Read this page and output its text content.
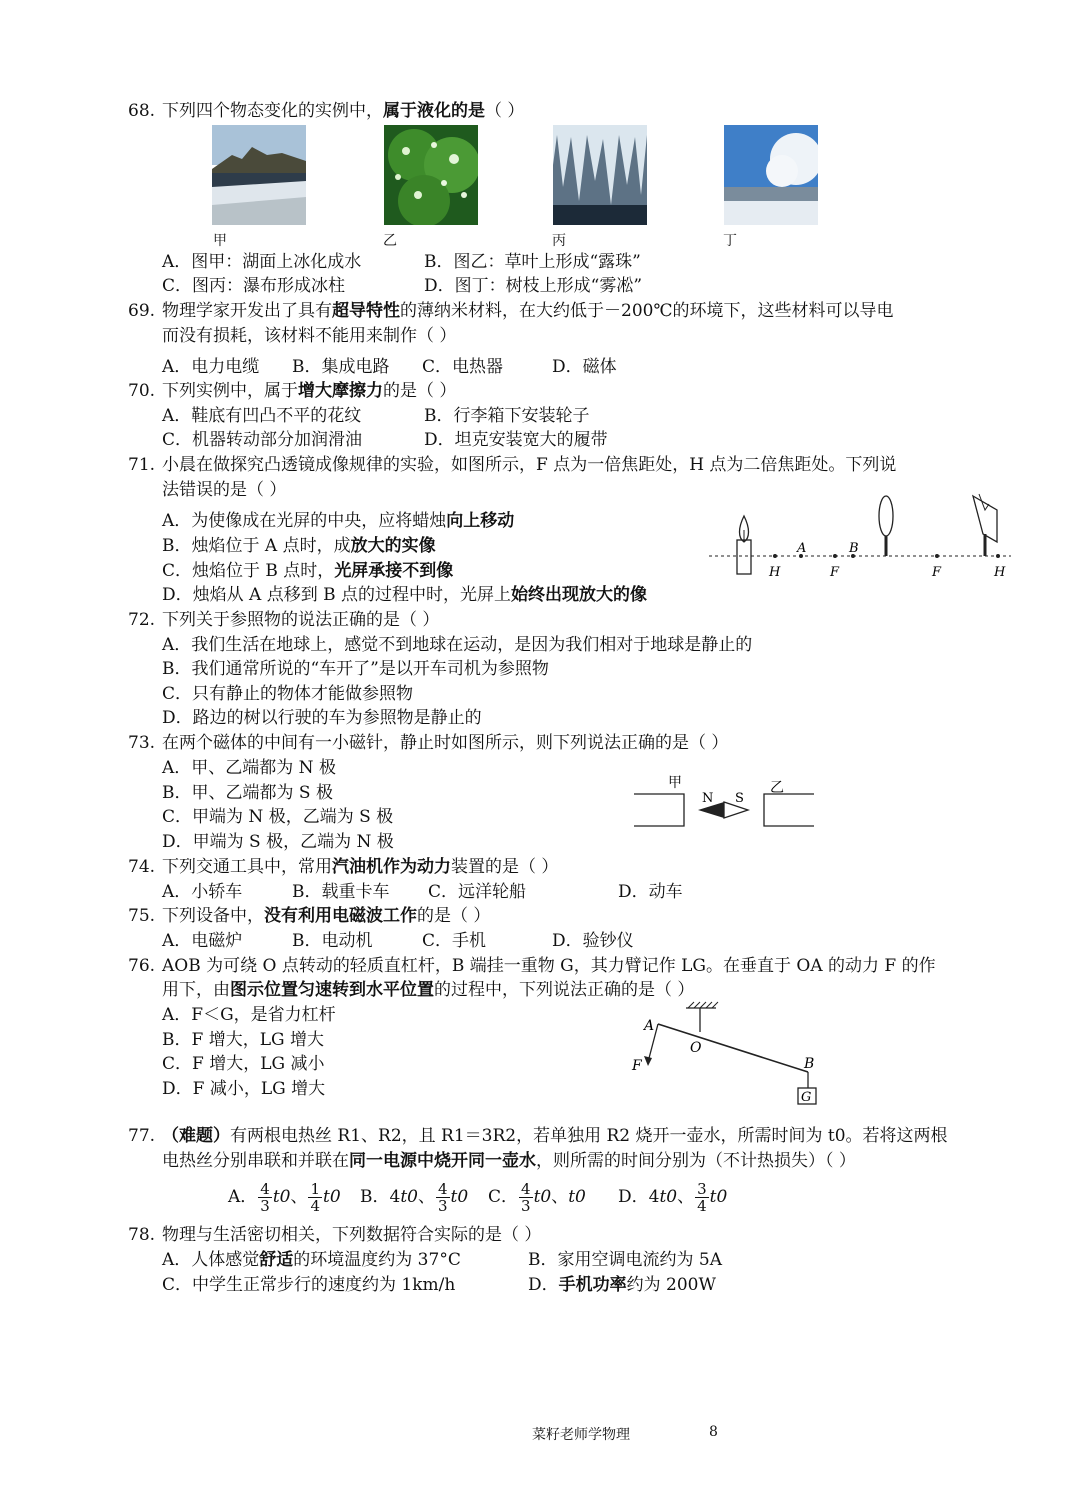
68. 下列四个物态变化的实例中，属于液化的是（ ）
甲	乙	丙	丁
A．图甲：湖面上冰化成水	B．图乙：草叶上形成“露珠”
C．图丙：瀑布形成冰柱	D．图丁：树枝上形成“雾凇”
69. 物理学家开发出了具有超导特性的薄纳米材料，在大约低于－200℃的环境下，这些材料可以导电
而没有损耗，该材料不能用来制作（ ）
A．电力电缆 B．集成电路 C．电热器	D．磁体
70. 下列实例中，属于增大摩擦力的是（ ）
A．鞋底有凹凸不平的花纹	B．行李箱下安装轮子
C．机器转动部分加润滑油	D．坦克安装宽大的履带
71. 小晨在做探究凸透镜成像规律的实验，如图所示，F 点为一倍焦距处，H 点为二倍焦距处。下列说
法错误的是（ ）
A．为使像成在光屏的中央，应将蜡烛向上移动
B．烛焰位于 A 点时，成放大的实像
C．烛焰位于 B 点时，光屏承接不到像
D．烛焰从 A 点移到 B 点的过程中时，光屏上始终出现放大的像
A	B
H	F	F	H
72. 下列关于参照物的说法正确的是（ ）
A．我们生活在地球上，感觉不到地球在运动，是因为我们相对于地球是静止的
B．我们通常所说的“车开了”是以开车司机为参照物
C．只有静止的物体才能做参照物
D．路边的树以行驶的车为参照物是静止的
73. 在两个磁体的中间有一小磁针，静止时如图所示，则下列说法正确的是（ ）
A．甲、乙端都为 N 极
B．甲、乙端都为 S 极
C．甲端为 N 极，乙端为 S 极
D．甲端为 S 极，乙端为 N 极
甲	乙
N S
74. 下列交通工具中，常用汽油机作为动力装置的是（ ）
A．小轿车	B．载重卡车 C．远洋轮船	D．动车
75. 下列设备中，没有利用电磁波工作的是（ ）
A．电磁炉	B．电动机	C．手机	D．验钞仪
76. AOB 为可绕 O 点转动的轻质直杠杆，B 端挂一重物 G，其力臂记作 LG。在垂直于 OA 的动力 F 的作
用下，由图示位置匀速转到水平位置的过程中，下列说法正确的是（ ）
A．F＜G，是省力杠杆
B．F 增大，LG 增大
C．F 增大，LG 减小
D．F 减小，LG 增大
A
O
B
F
G
77. （难题）有两根电热丝 R1、R2，且 R1＝3R2，若单独用 R2 烧开一壶水，所需时间为 t0。若将这两根
电热丝分别串联和并联在同一电源中烧开同一壶水，则所需的时间分别为（不计热损失）（ ）
A． $\frac{4}{3} t0$、 $\frac{1}{4} t0$ B．4t0、 $\frac{4}{3} t0$ C． $\frac{4}{3} t0$、t0 D．4t0、 $\frac{3}{4} t0$
78. 物理与生活密切相关，下列数据符合实际的是（ ）
A．人体感觉舒适的环境温度约为 37°C	B．家用空调电流约为 5A
C．中学生正常步行的速度约为 1km/h	D．手机功率约为 200W
菜籽老师学物理	8
